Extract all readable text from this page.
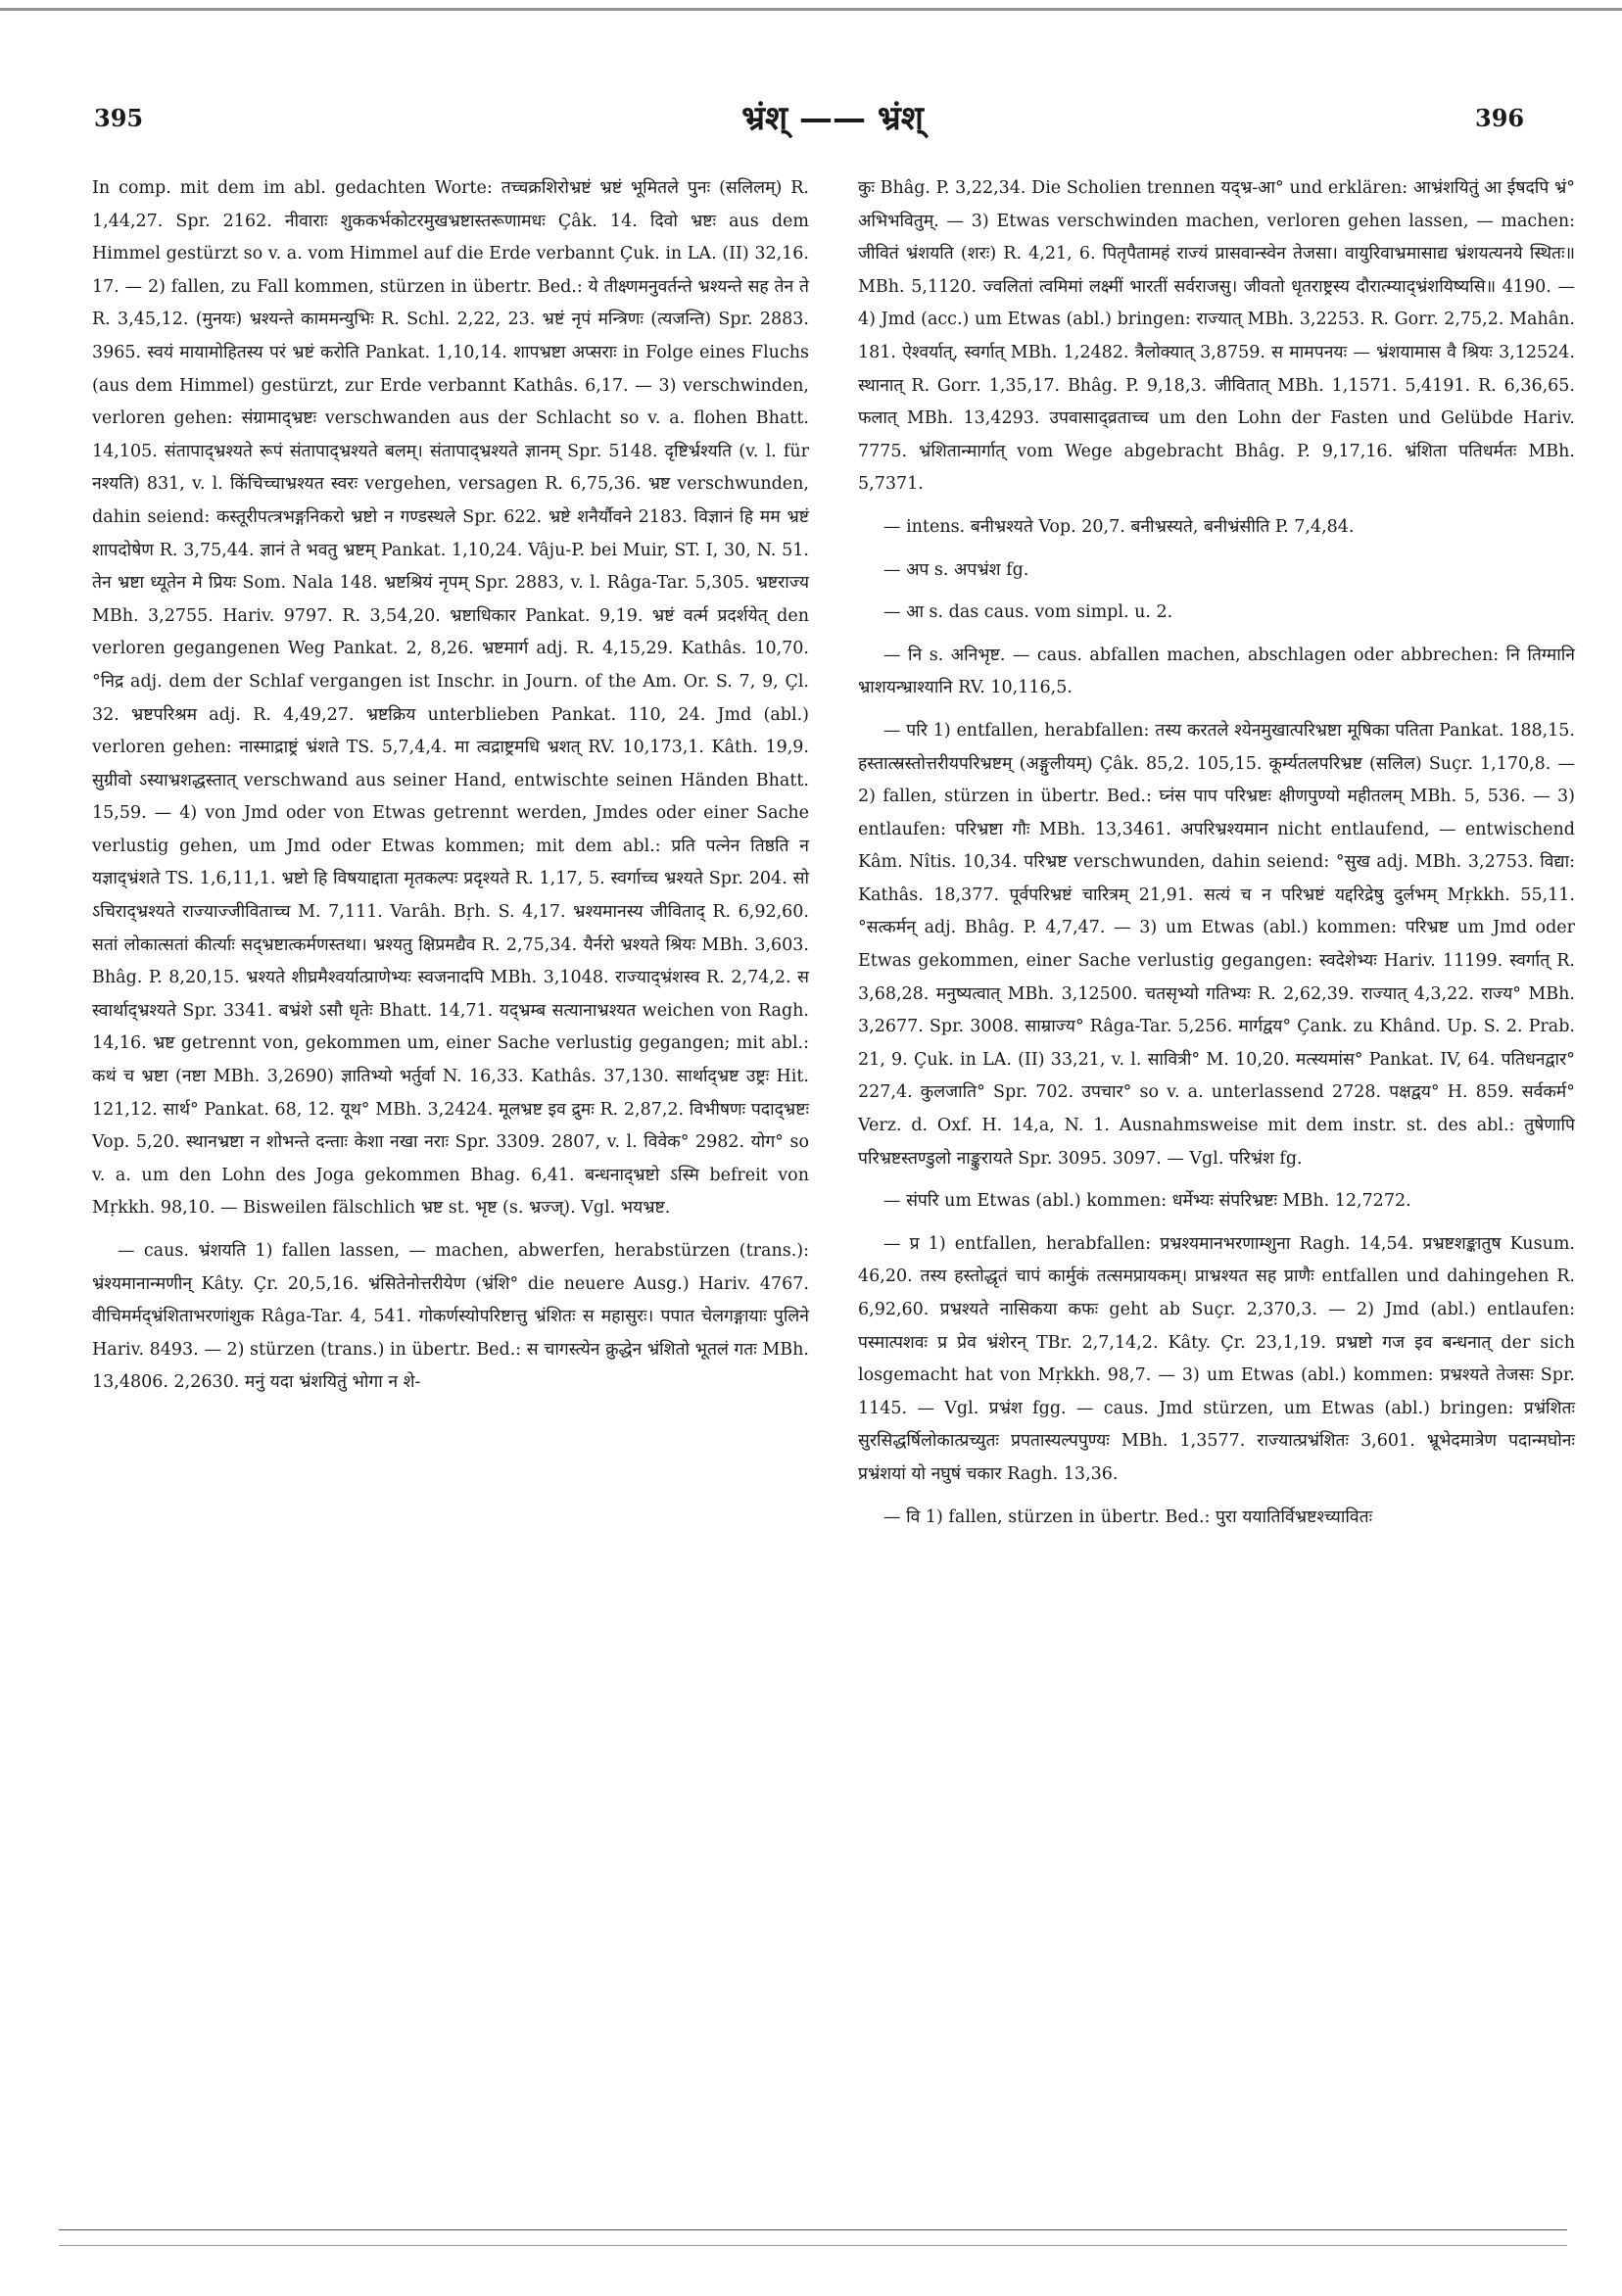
395	भ्रंश् —— भ्रंश्	396

In comp. mit dem im abl. gedachten Worte: तच्चक्रशिरोभ्रष्टं भ्रष्टं भूमितले पुनः (सलिलम्) R. 1,44,27. Spr. 2162. नीवाराः शुककर्भकोटरमुखभ्रष्टास्तरूणामधः Çâk. 14. दिवो भ्रष्टः aus dem Himmel gestürzt so v. a. vom Himmel auf die Erde verbannt Çuk. in LA. (II) 32,16. 17. — 2) fallen, zu Fall kommen, stürzen in übertr. Bed.: ये तीक्ष्णमनुवर्तन्ते भ्रश्यन्ते सह तेन ते R. 3,45,12. (मुनयः) भ्रश्यन्ते काममन्युभिः R. Schl. 2,22, 23. भ्रष्टं नृपं मन्त्रिणः (त्यजन्ति) Spr. 2883. 3965. स्वयं मायामोहितस्य परं भ्रष्टं करोति Pankat. 1,10,14. शापभ्रष्टा अप्सराः in Folge eines Fluchs (aus dem Himmel) gestürzt, zur Erde verbannt Kathâs. 6,17. — 3) verschwinden, verloren gehen: संग्रामाद्भ्रष्टः verschwanden aus der Schlacht so v. a. flohen Bhatt. 14,105. संतापाद्भ्रश्यते रूपं संतापाद्भ्रश्यते बलम्। संतापाद्भ्रश्यते ज्ञानम् Spr. 5148. दृष्टिर्भ्रश्यति (v. l. für नश्यति) 831, v. l. किंचिच्चाभ्रश्यत स्वरः vergehen, versagen R. 6,75,36. भ्रष्ट verschwunden, dahin seiend: कस्तूरीपत्त्रभङ्गनिकरो भ्रष्टो न गण्डस्थले Spr. 622. भ्रष्टे शनैर्यौवने 2183. विज्ञानं हि मम भ्रष्टं शापदोषेण R. 3,75,44. ज्ञानं ते भवतु भ्रष्टम् Pankat. 1,10,24. Vâju-P. bei Muir, ST. I, 30, N. 51. तेन भ्रष्टा ध्यूतेन मे प्रियः Som. Nala 148. भ्रष्टश्रियं नृपम् Spr. 2883, v. l. Râga-Tar. 5,305. भ्रष्टराज्य MBh. 3,2755. Hariv. 9797. R. 3,54,20. भ्रष्टाधिकार Pankat. 9,19. भ्रष्टं वर्त्म प्रदर्शयेत् den verloren gegangenen Weg Pankat. 2, 8,26. भ्रष्टमार्ग adj. R. 4,15,29. Kathâs. 10,70. °निद्र adj. dem der Schlaf vergangen ist Inschr. in Journ. of the Am. Or. S. 7, 9, Çl. 32. भ्रष्टपरिश्रम adj. R. 4,49,27. भ्रष्टक्रिय unterblieben Pankat. 110, 24. Jmd (abl.) verloren gehen: नास्माद्राष्ट्रं भ्रंशते TS. 5,7,4,4. मा त्वद्राष्ट्रमधि भ्रशत् RV. 10,173,1. Kâth. 19,9. सुग्रीवो ऽस्याभ्रशद्धस्तात् verschwand aus seiner Hand, entwischte seinen Händen Bhatt. 15,59. — 4) von Jmd oder von Etwas getrennt werden, Jmdes oder einer Sache verlustig gehen, um Jmd oder Etwas kommen; mit dem abl.: प्रति पत्नेन तिष्ठति न यज्ञाद्भ्रंशते TS. 1,6,11,1. भ्रष्टो हि विषयाद्दाता मृतकल्पः प्रदृश्यते R. 1,17, 5. स्वर्गाच्च भ्रश्यते Spr. 204. सो ऽचिराद्भ्रश्यते राज्याज्जीविताच्च M. 7,111. Varâh. Bṛh. S. 4,17. भ्रश्यमानस्य जीविताद् R. 6,92,60. सतां लोकात्सतां कीर्त्याः सद्भ्रष्टात्कर्मणस्तथा। भ्रश्यतु क्षिप्रमद्यैव R. 2,75,34. यैर्नरो भ्रश्यते श्रियः MBh. 3,603. Bhâg. P. 8,20,15. भ्रश्यते शीघ्रमैश्वर्यात्प्राणेभ्यः स्वजनादपि MBh. 3,1048. राज्याद्भ्रंशस्व R. 2,74,2. स स्वार्थाद्भ्रश्यते Spr. 3341. बभ्रंशे ऽसौ धृतेः Bhatt. 14,71. यद्भ्रम्ब सत्यानाभ्रश्यत weichen von Ragh. 14,16. भ्रष्ट getrennt von, gekommen um, einer Sache verlustig gegangen; mit abl.: कथं च भ्रष्टा (नष्टा MBh. 3,2690) ज्ञातिभ्यो भर्तुर्वा N. 16,33. Kathâs. 37,130. सार्थाद्भ्रष्ट उष्ट्रः Hit. 121,12. सार्थ° Pankat. 68, 12. यूथ° MBh. 3,2424. मूलभ्रष्ट इव द्रुमः R. 2,87,2. विभीषणः पदाद्भ्रष्टः Vop. 5,20. स्थानभ्रष्टा न शोभन्ते दन्ताः केशा नखा नराः Spr. 3309. 2807, v. l. विवेक° 2982. योग° so v. a. um den Lohn des Joga gekommen Bhag. 6,41. बन्धनाद्भ्रष्टो ऽस्मि befreit von Mṛkkh. 98,10. — Bisweilen fälschlich भ्रष्ट st. भृष्ट (s. भ्रज्ज्). Vgl. भयभ्रष्ट.

— caus. भ्रंशयति 1) fallen lassen, — machen, abwerfen, herabstürzen (trans.): भ्रंश्यमानान्मणीन् Kâty. Çr. 20,5,16. भ्रंसितेनोत्तरीयेण (भ्रंशि° die neuere Ausg.) Hariv. 4767. वीचिमर्मद्भ्रंशिताभरणांशुक Râga-Tar. 4, 541. गोकर्णस्योपरिष्टात्तु भ्रंशितः स महासुरः। पपात चेलगङ्गायाः पुलिने Hariv. 8493. — 2) stürzen (trans.) in übertr. Bed.: स चागस्त्येन क्रुद्धेन भ्रंशितो भूतलं गतः MBh. 13,4806. 2,2630. मनुं यदा भ्रंशयितुं भोगा न शे-

कुः Bhâg. P. 3,22,34. Die Scholien trennen यद्भ्र-आ° und erklären: आभ्रंशयितुं आ ईषदपि भ्रं° अभिभवितुम्. — 3) Etwas verschwinden machen, verloren gehen lassen, — machen: जीवितं भ्रंशयति (शरः) R. 4,21, 6. पितृपैतामहं राज्यं प्रासवान्स्वेन तेजसा। वायुरिवाभ्रमासाद्य भ्रंशयत्यनये स्थितः॥ MBh. 5,1120. ज्वलितां त्वमिमां लक्ष्मीं भारतीं सर्वराजसु। जीवतो धृतराष्ट्रस्य दौरात्म्याद्भ्रंशयिष्यसि॥ 4190. — 4) Jmd (acc.) um Etwas (abl.) bringen: राज्यात् MBh. 3,2253. R. Gorr. 2,75,2. Mahân. 181. ऐश्वर्यात्, स्वर्गात् MBh. 1,2482. त्रैलोक्यात् 3,8759. स मामपनयः — भ्रंशयामास वै श्रियः 3,12524. स्थानात् R. Gorr. 1,35,17. Bhâg. P. 9,18,3. जीवितात् MBh. 1,1571. 5,4191. R. 6,36,65. फलात् MBh. 13,4293. उपवासाद्व्रताच्च um den Lohn der Fasten und Gelübde Hariv. 7775. भ्रंशितान्मार्गात् vom Wege abgebracht Bhâg. P. 9,17,16. भ्रंशिता पतिधर्मतः MBh. 5,7371.

— intens. बनीभ्रश्यते Vop. 20,7. बनीभ्रस्यते, बनीभ्रंसीति P. 7,4,84.

— अप s. अपभ्रंश fg.

— आ s. das caus. vom simpl. u. 2.

— नि s. अनिभृष्ट. — caus. abfallen machen, abschlagen oder abbrechen: नि तिग्मानि भ्राशयन्भ्राश्यानि RV. 10,116,5.

— परि 1) entfallen, herabfallen: तस्य करतले श्येनमुखात्परिभ्रष्टा मूषिका पतिता Pankat. 188,15. हस्तात्स्रस्तोत्तरीयपरिभ्रष्टम् (अङ्गुलीयम्) Çâk. 85,2. 105,15. कूर्म्यतलपरिभ्रष्ट (सलिल) Suçr. 1,170,8. — 2) fallen, stürzen in übertr. Bed.: घ्नंस पाप परिभ्रष्टः क्षीणपुण्यो महीतलम् MBh. 5, 536. — 3) entlaufen: परिभ्रष्टा गौः MBh. 13,3461. अपरिभ्रश्यमान nicht entlaufend, — entwischend Kâm. Nîtis. 10,34. परिभ्रष्ट verschwunden, dahin seiend: °सुख adj. MBh. 3,2753. विद्या: Kathâs. 18,377. पूर्वपरिभ्रष्टं चारित्रम् 21,91. सत्यं च न परिभ्रष्टं यद्दरिद्रेषु दुर्लभम् Mṛkkh. 55,11. °सत्कर्मन् adj. Bhâg. P. 4,7,47. — 3) um Etwas (abl.) kommen: परिभ्रष्ट um Jmd oder Etwas gekommen, einer Sache verlustig gegangen: स्वदेशेभ्यः Hariv. 11199. स्वर्गात् R. 3,68,28. मनुष्यत्वात् MBh. 3,12500. चतसृभ्यो गतिभ्यः R. 2,62,39. राज्यात् 4,3,22. राज्य° MBh. 3,2677. Spr. 3008. साम्राज्य° Râga-Tar. 5,256. मार्गद्वय° Çank. zu Khând. Up. S. 2. Prab. 21, 9. Çuk. in LA. (II) 33,21, v. l. सावित्री° M. 10,20. मत्स्यमांस° Pankat. IV, 64. पतिधनद्वार° 227,4. कुलजाति° Spr. 702. उपचार° so v. a. unterlassend 2728. पक्षद्वय° H. 859. सर्वकर्म° Verz. d. Oxf. H. 14,a, N. 1. Ausnahmsweise mit dem instr. st. des abl.: तुषेणापि परिभ्रष्टस्तण्डुलो नाङ्कुरायते Spr. 3095. 3097. — Vgl. परिभ्रंश fg.

— संपरि um Etwas (abl.) kommen: धर्मेभ्यः संपरिभ्रष्टः MBh. 12,7272.

— प्र 1) entfallen, herabfallen: प्रभ्रश्यमानभरणाम्शुना Ragh. 14,54. प्रभ्रष्टशङ्कातुष Kusum. 46,20. तस्य हस्तोद्धृतं चापं कार्मुकं तत्समप्रायकम्। प्राभ्रश्यत सह प्राणैः entfallen und dahingehen R. 6,92,60. प्रभ्रश्यते नासिकया कफः geht ab Suçr. 2,370,3. — 2) Jmd (abl.) entlaufen: पस्मात्पशवः प्र प्रेव भ्रंशेरन् TBr. 2,7,14,2. Kâty. Çr. 23,1,19. प्रभ्रष्टो गज इव बन्धनात् der sich losgemacht hat von Mṛkkh. 98,7. — 3) um Etwas (abl.) kommen: प्रभ्रश्यते तेजसः Spr. 1145. — Vgl. प्रभ्रंश fgg. — caus. Jmd stürzen, um Etwas (abl.) bringen: प्रभ्रंशितः सुरसिद्धर्षिलोकात्प्रच्युतः प्रपतास्यल्पपुण्यः MBh. 1,3577. राज्यात्प्रभ्रंशितः 3,601. भ्रूभेदमात्रेण पदान्मघोनः प्रभ्रंशयां यो नघुषं चकार Ragh. 13,36.

— वि 1) fallen, stürzen in übertr. Bed.: पुरा ययातिर्विभ्रष्टश्च्यावितः
